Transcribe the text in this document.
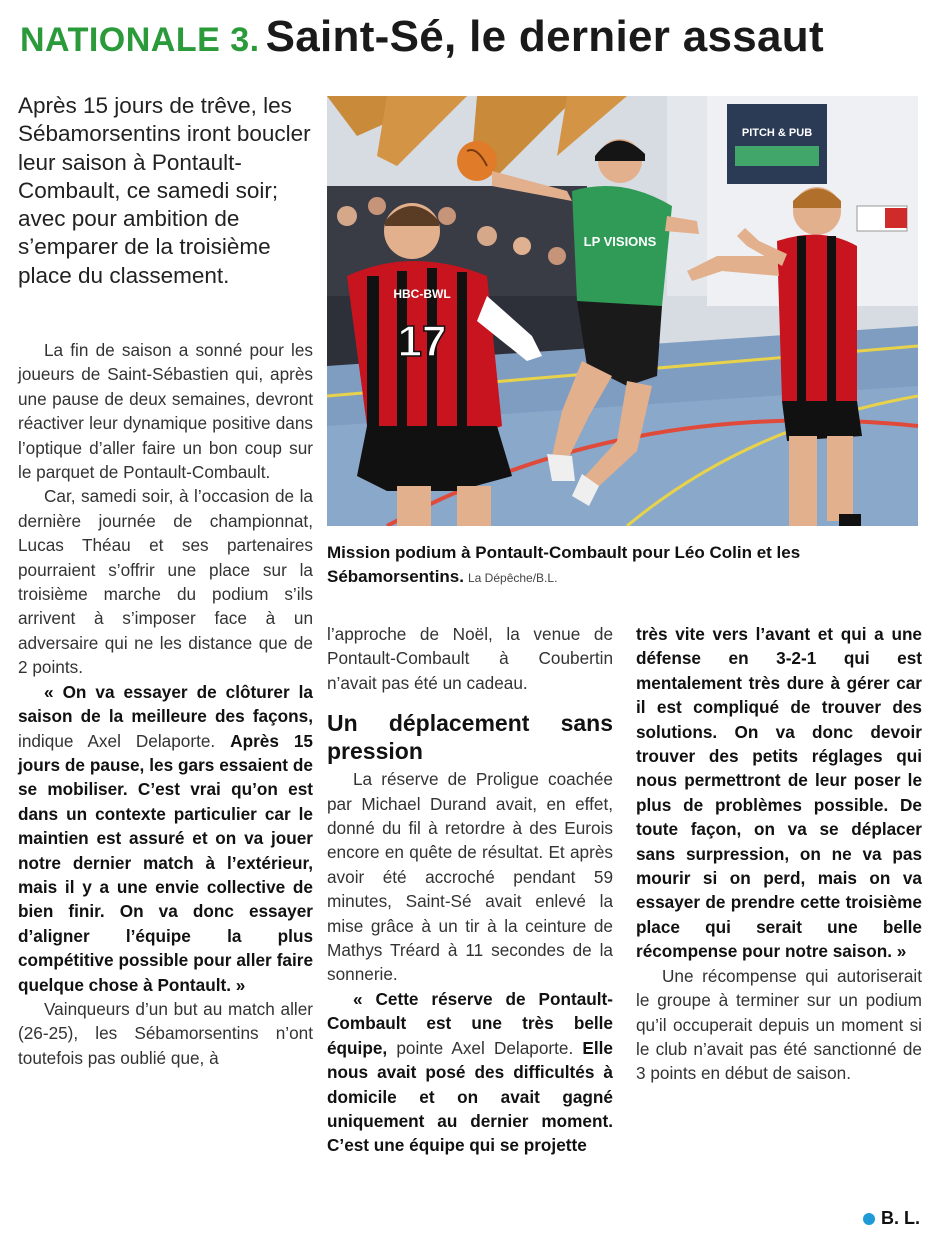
NATIONALE 3. Saint-Sé, le dernier assaut
Après 15 jours de trêve, les Sébamorsentins iront boucler leur saison à Pontault-Combault, ce samedi soir; avec pour ambition de s’emparer de la troisième place du classement.
PITCH & PUB
HBC-BWL
17
LP VISIONS
Mission podium à Pontault-Combault pour Léo Colin et les Sébamorsentins. La Dépêche/B.L.

La fin de saison a sonné pour les joueurs de Saint-Sébastien qui, après une pause de deux semaines, devront réactiver leur dynamique positive dans l’optique d’aller faire un bon coup sur le parquet de Pontault-Combault.

Car, samedi soir, à l’occasion de la dernière journée de championnat, Lucas Théau et ses partenaires pourraient s’offrir une place sur la troisième marche du podium s’ils arrivent à s’imposer face à un adversaire qui ne les distance que de 2 points.

« On va essayer de clôturer la saison de la meilleure des façons, indique Axel Delaporte. Après 15 jours de pause, les gars essaient de se mobiliser. C’est vrai qu’on est dans un contexte particulier car le maintien est assuré et on va jouer notre dernier match à l’extérieur, mais il y a une envie collective de bien finir. On va donc essayer d’aligner l’équipe la plus compétitive possible pour aller faire quelque chose à Pontault. »

Vainqueurs d’un but au match aller (26-25), les Sébamorsentins n’ont toutefois pas oublié que, à

l’approche de Noël, la venue de Pontault-Combault à Coubertin n’avait pas été un cadeau.

Un déplacement sans pression

La réserve de Proligue coachée par Michael Durand avait, en effet, donné du fil à retordre à des Eurois encore en quête de résultat. Et après avoir été accroché pendant 59 minutes, Saint-Sé avait enlevé la mise grâce à un tir à la ceinture de Mathys Tréard à 11 secondes de la sonnerie.

« Cette réserve de Pontault-Combault est une très belle équipe, pointe Axel Delaporte. Elle nous avait posé des difficultés à domicile et on avait gagné uniquement au dernier moment. C’est une équipe qui se projette

très vite vers l’avant et qui a une défense en 3-2-1 qui est mentalement très dure à gérer car il est compliqué de trouver des solutions. On va donc devoir trouver des petits réglages qui nous permettront de leur poser le plus de problèmes possible. De toute façon, on va se déplacer sans surpression, on ne va pas mourir si on perd, mais on va essayer de prendre cette troisième place qui serait une belle récompense pour notre saison. »

Une récompense qui autoriserait le groupe à terminer sur un podium qu’il occuperait depuis un moment si le club n’avait pas été sanctionné de 3 points en début de saison.

B. L.
